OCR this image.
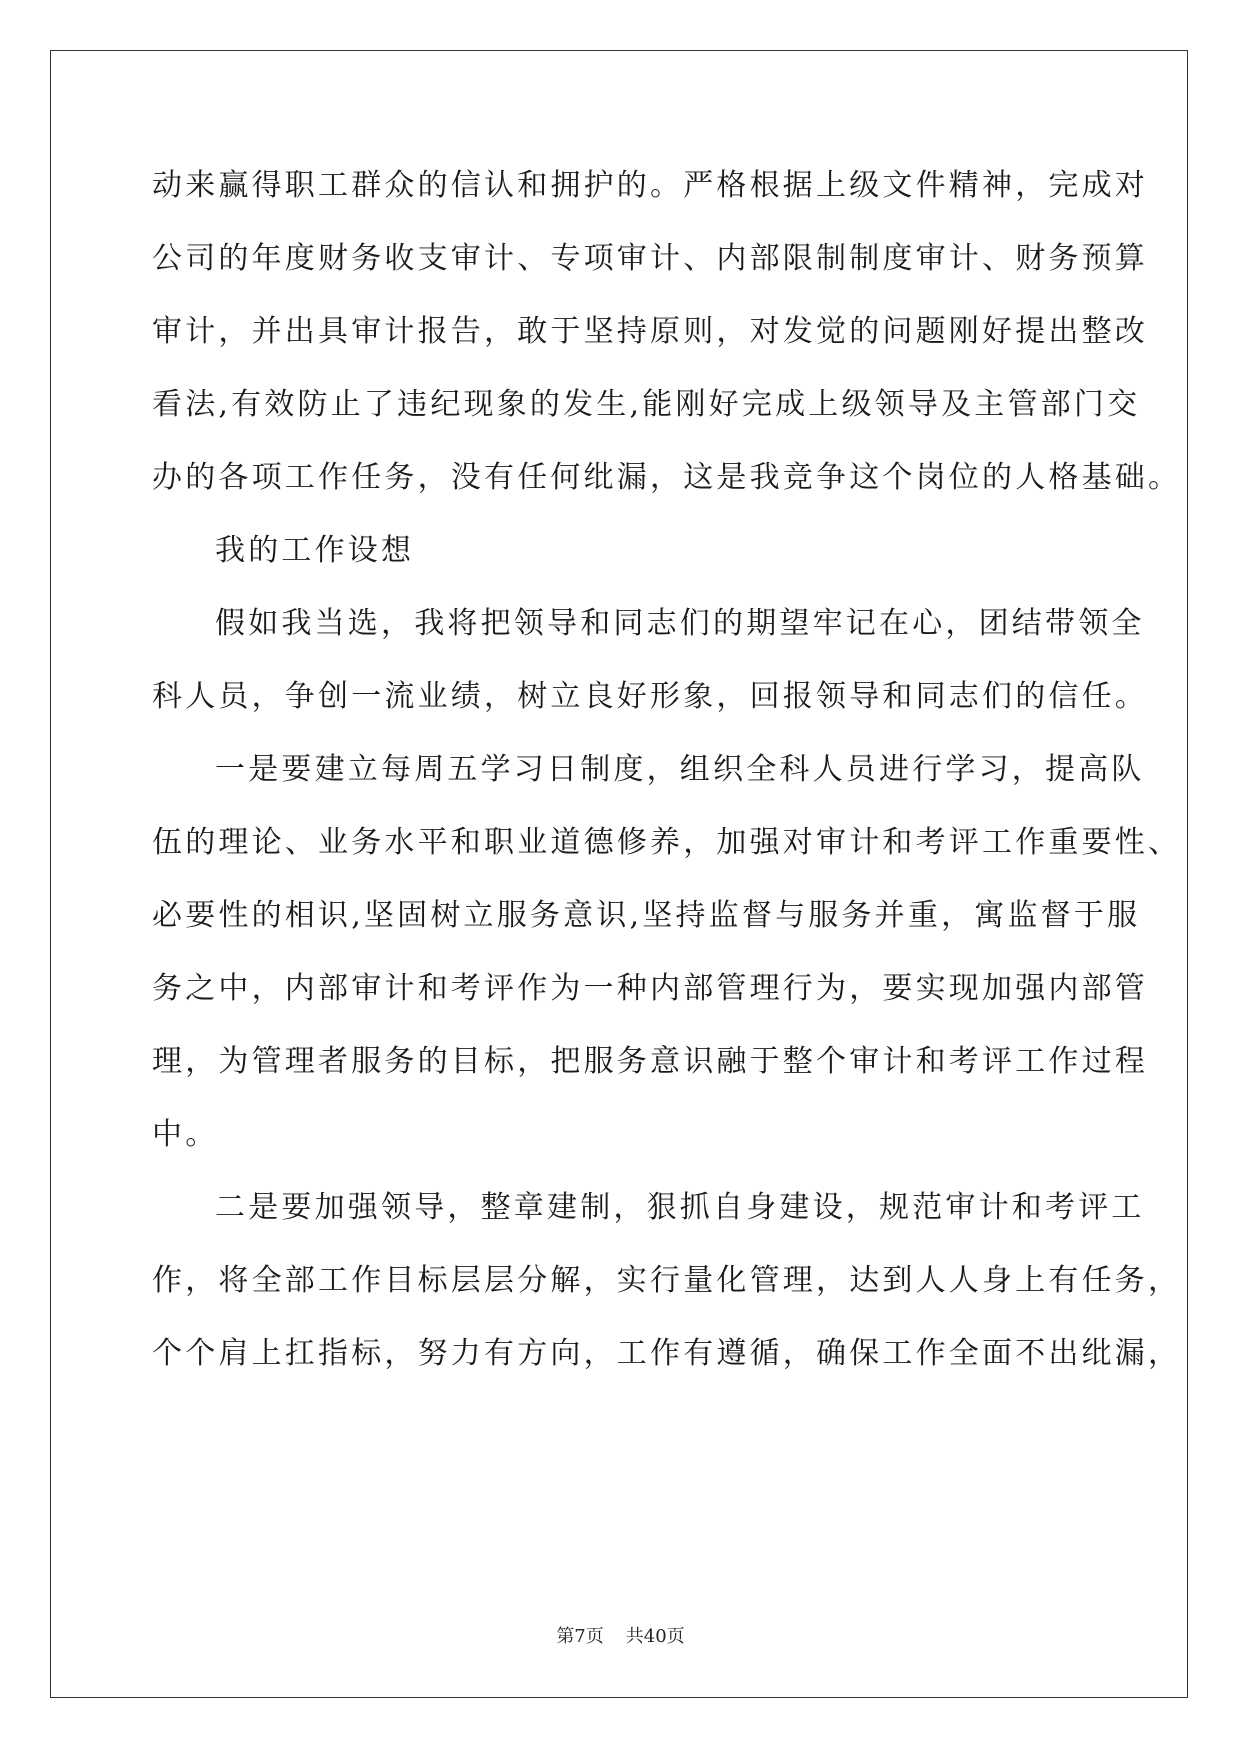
动来赢得职工群众的信认和拥护的。严格根据上级文件精神，完成对
公司的年度财务收支审计、专项审计、内部限制制度审计、财务预算
审计，并出具审计报告，敢于坚持原则，对发觉的问题刚好提出整改
看法,有效防止了违纪现象的发生,能刚好完成上级领导及主管部门交
办的各项工作任务，没有任何纰漏，这是我竞争这个岗位的人格基础。
我的工作设想
假如我当选，我将把领导和同志们的期望牢记在心，团结带领全
科人员，争创一流业绩，树立良好形象，回报领导和同志们的信任。
一是要建立每周五学习日制度，组织全科人员进行学习，提高队
伍的理论、业务水平和职业道德修养，加强对审计和考评工作重要性、
必要性的相识,坚固树立服务意识,坚持监督与服务并重，寓监督于服
务之中，内部审计和考评作为一种内部管理行为，要实现加强内部管
理，为管理者服务的目标，把服务意识融于整个审计和考评工作过程
中。
二是要加强领导，整章建制，狠抓自身建设，规范审计和考评工
作，将全部工作目标层层分解，实行量化管理，达到人人身上有任务，
个个肩上扛指标，努力有方向，工作有遵循，确保工作全面不出纰漏，
第7页 共40页
